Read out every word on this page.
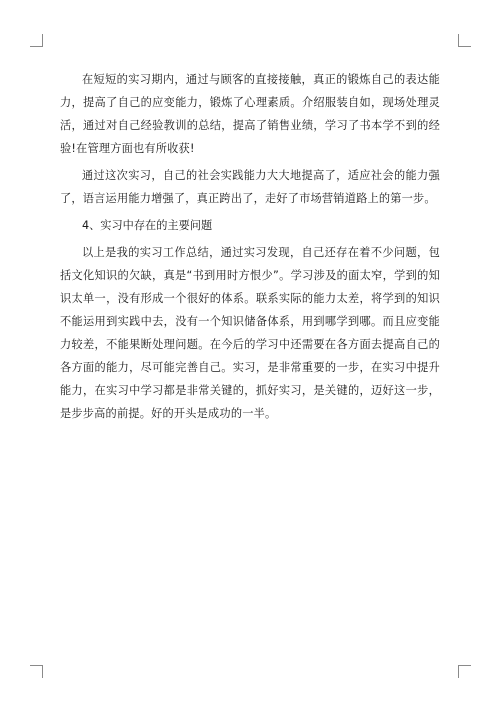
在短短的实习期内，通过与顾客的直接接触，真正的锻炼自己的表达能力，提高了自己的应变能力，锻炼了心理素质。介绍服装自如，现场处理灵活，通过对自己经验教训的总结，提高了销售业绩，学习了书本学不到的经验!在管理方面也有所收获!

通过这次实习，自己的社会实践能力大大地提高了，适应社会的能力强了，语言运用能力增强了，真正跨出了，走好了市场营销道路上的第一步。

4、实习中存在的主要问题

以上是我的实习工作总结，通过实习发现，自己还存在着不少问题，包括文化知识的欠缺，真是“书到用时方恨少”。学习涉及的面太窄，学到的知识太单一，没有形成一个很好的体系。联系实际的能力太差，将学到的知识不能运用到实践中去，没有一个知识储备体系，用到哪学到哪。而且应变能力较差，不能果断处理问题。在今后的学习中还需要在各方面去提高自己的各方面的能力，尽可能完善自己。实习，是非常重要的一步，在实习中提升能力，在实习中学习都是非常关键的，抓好实习，是关键的，迈好这一步，是步步高的前提。好的开头是成功的一半。
